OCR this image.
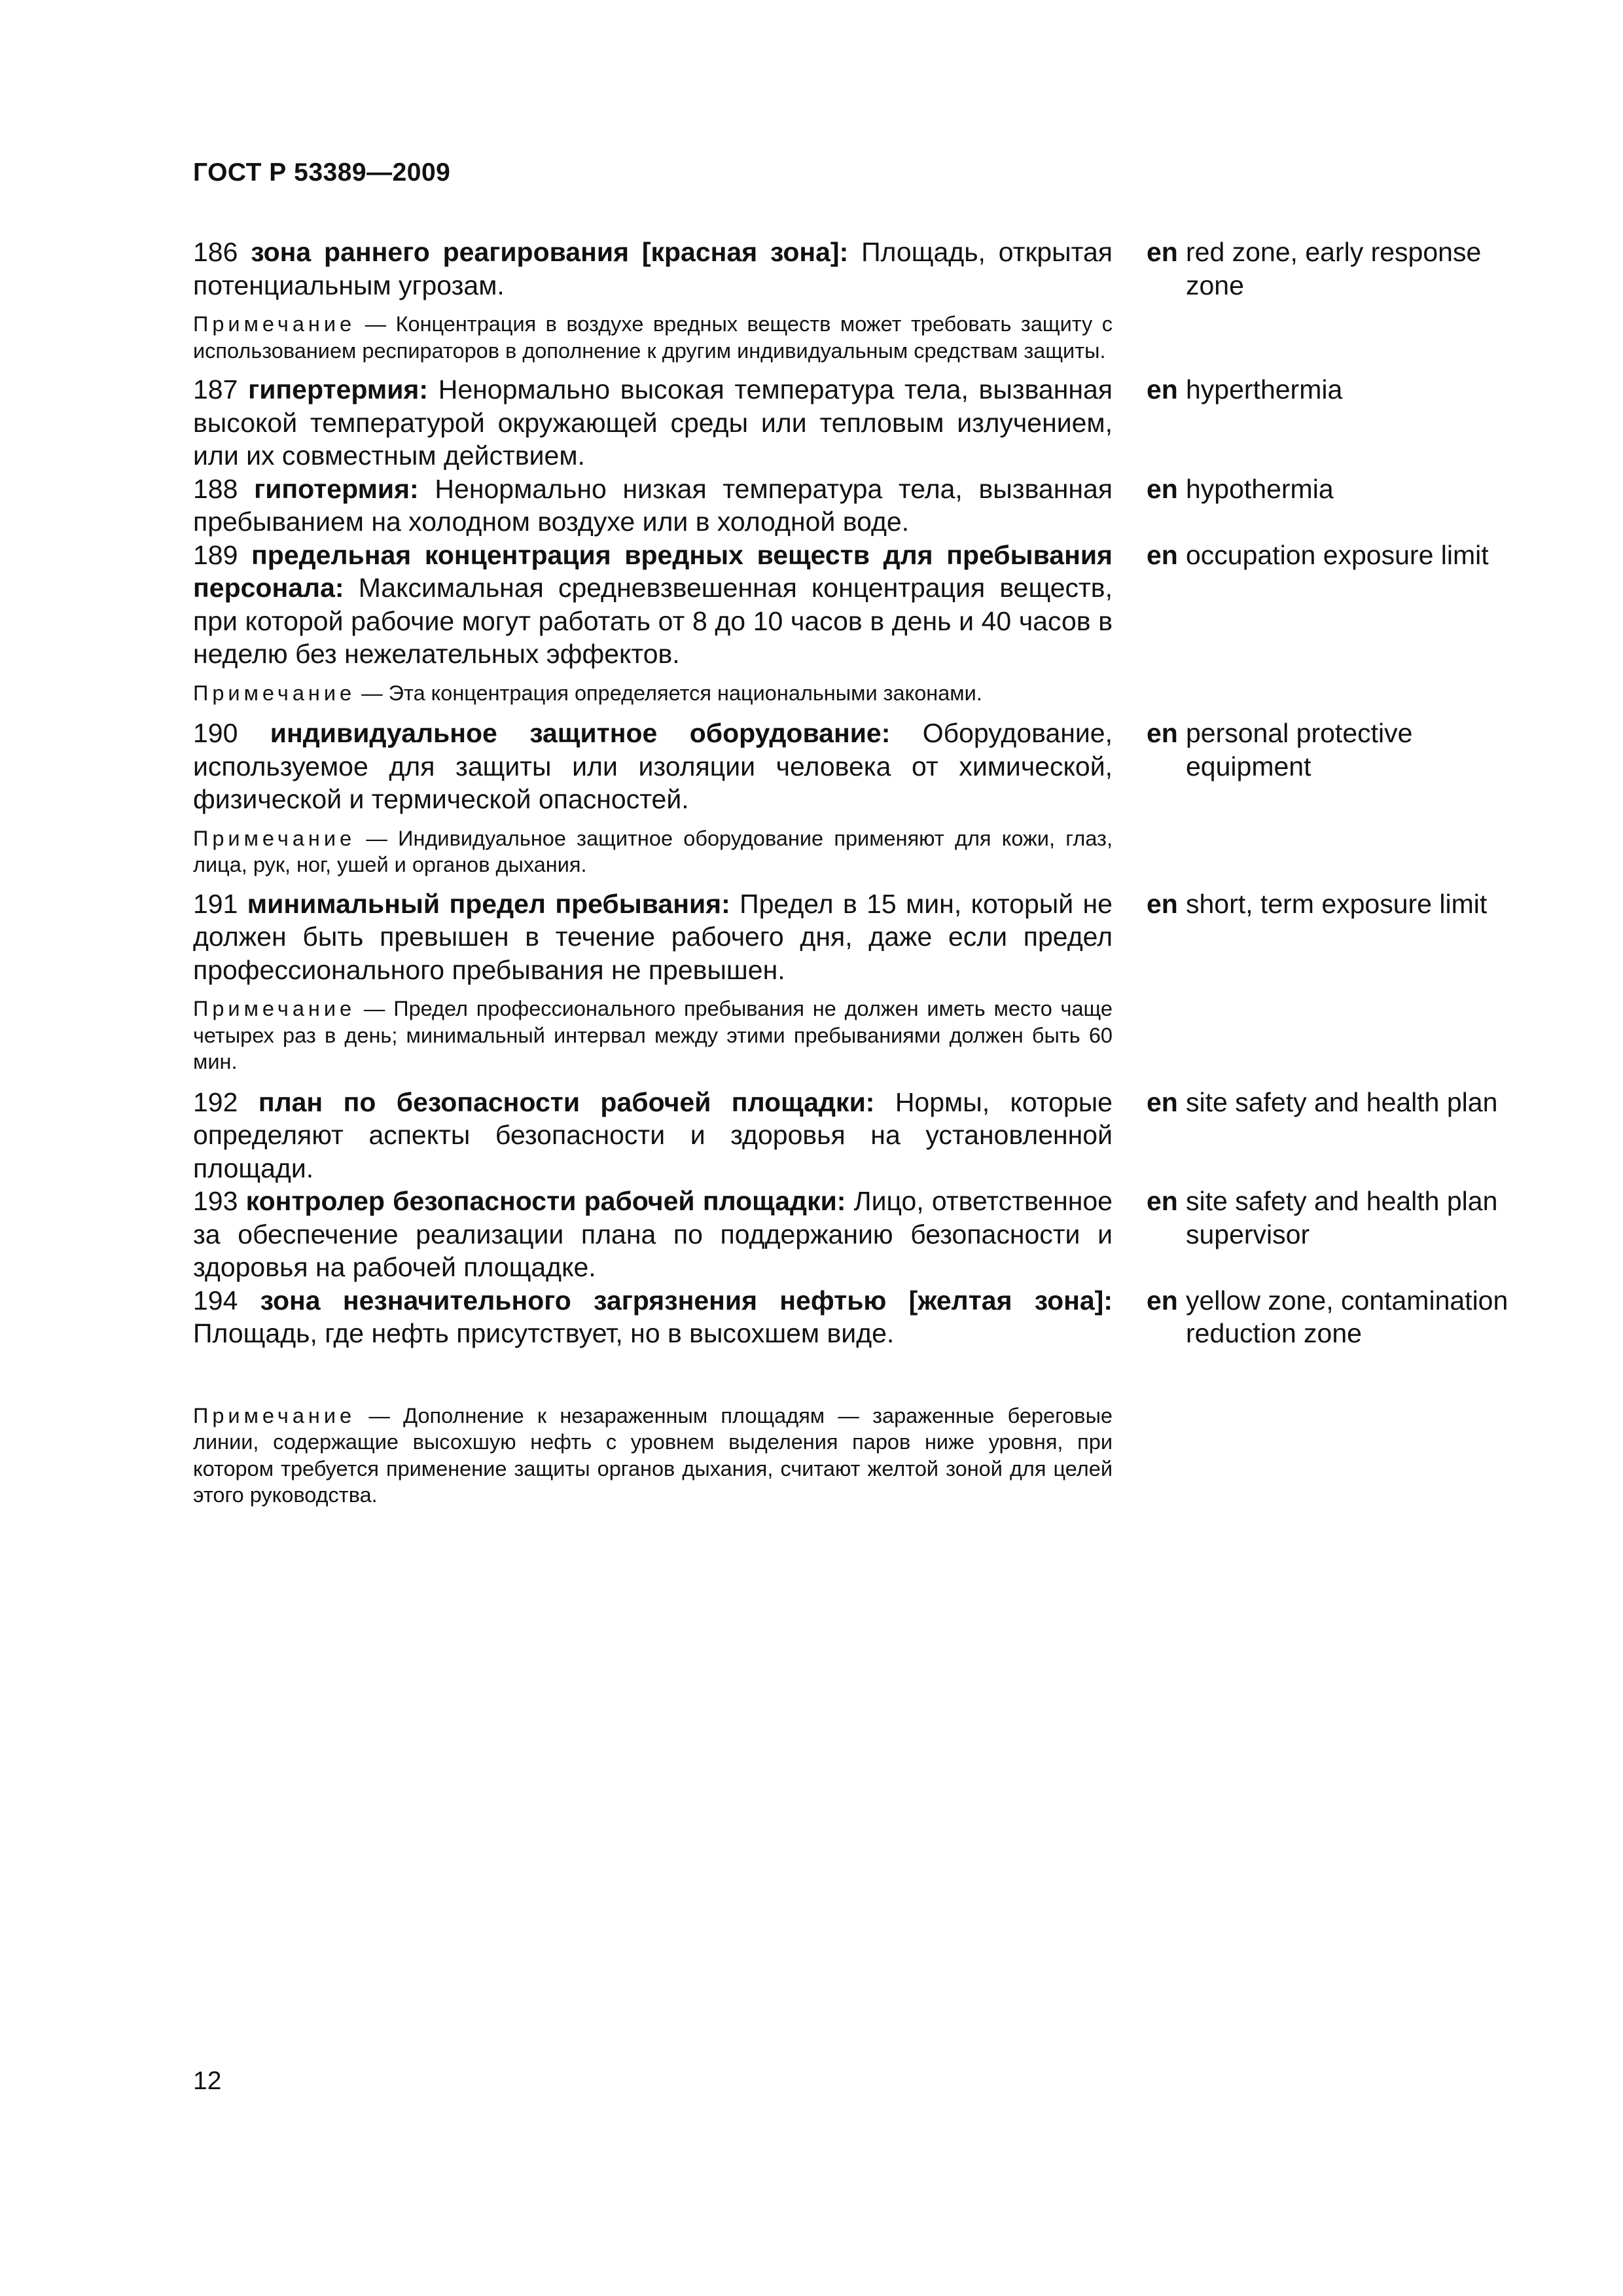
ГОСТ Р 53389—2009

186 зона раннего реагирования [красная зона]: Площадь, открытая потенциальным угрозам.

Примечание — Концентрация в воздухе вредных веществ может требовать защиту с использованием респираторов в дополнение к другим индивидуальным средствам защиты.

en red zone, early response zone

187 гипертермия: Ненормально высокая температура тела, вызванная высокой температурой окружающей среды или тепловым излучением, или их совместным действием.

en hyperthermia

188 гипотермия: Ненормально низкая температура тела, вызванная пребыванием на холодном воздухе или в холодной воде.

en hypothermia

189 предельная концентрация вредных веществ для пребывания персонала: Максимальная средневзвешенная концентрация веществ, при которой рабочие могут работать от 8 до 10 часов в день и 40 часов в неделю без нежелательных эффектов.

Примечание — Эта концентрация определяется национальными законами.

en occupation exposure limit

190 индивидуальное защитное оборудование: Оборудование, используемое для защиты или изоляции человека от химической, физической и термической опасностей.

Примечание — Индивидуальное защитное оборудование применяют для кожи, глаз, лица, рук, ног, ушей и органов дыхания.

en personal protective equipment

191 минимальный предел пребывания: Предел в 15 мин, который не должен быть превышен в течение рабочего дня, даже если предел профессионального пребывания не превышен.

Примечание — Предел профессионального пребывания не должен иметь место чаще четырех раз в день; минимальный интервал между этими пребываниями должен быть 60 мин.

en short, term exposure limit

192 план по безопасности рабочей площадки: Нормы, которые определяют аспекты безопасности и здоровья на установленной площади.

en site safety and health plan

193 контролер безопасности рабочей площадки: Лицо, ответственное за обеспечение реализации плана по поддержанию безопасности и здоровья на рабочей площадке.

en site safety and health plan supervisor

194 зона незначительного загрязнения нефтью [желтая зона]: Площадь, где нефть присутствует, но в высохшем виде.

Примечание — Дополнение к незараженным площадям — зараженные береговые линии, содержащие высохшую нефть с уровнем выделения паров ниже уровня, при котором требуется применение защиты органов дыхания, считают желтой зоной для целей этого руководства.

en yellow zone, contamination reduction zone
12
